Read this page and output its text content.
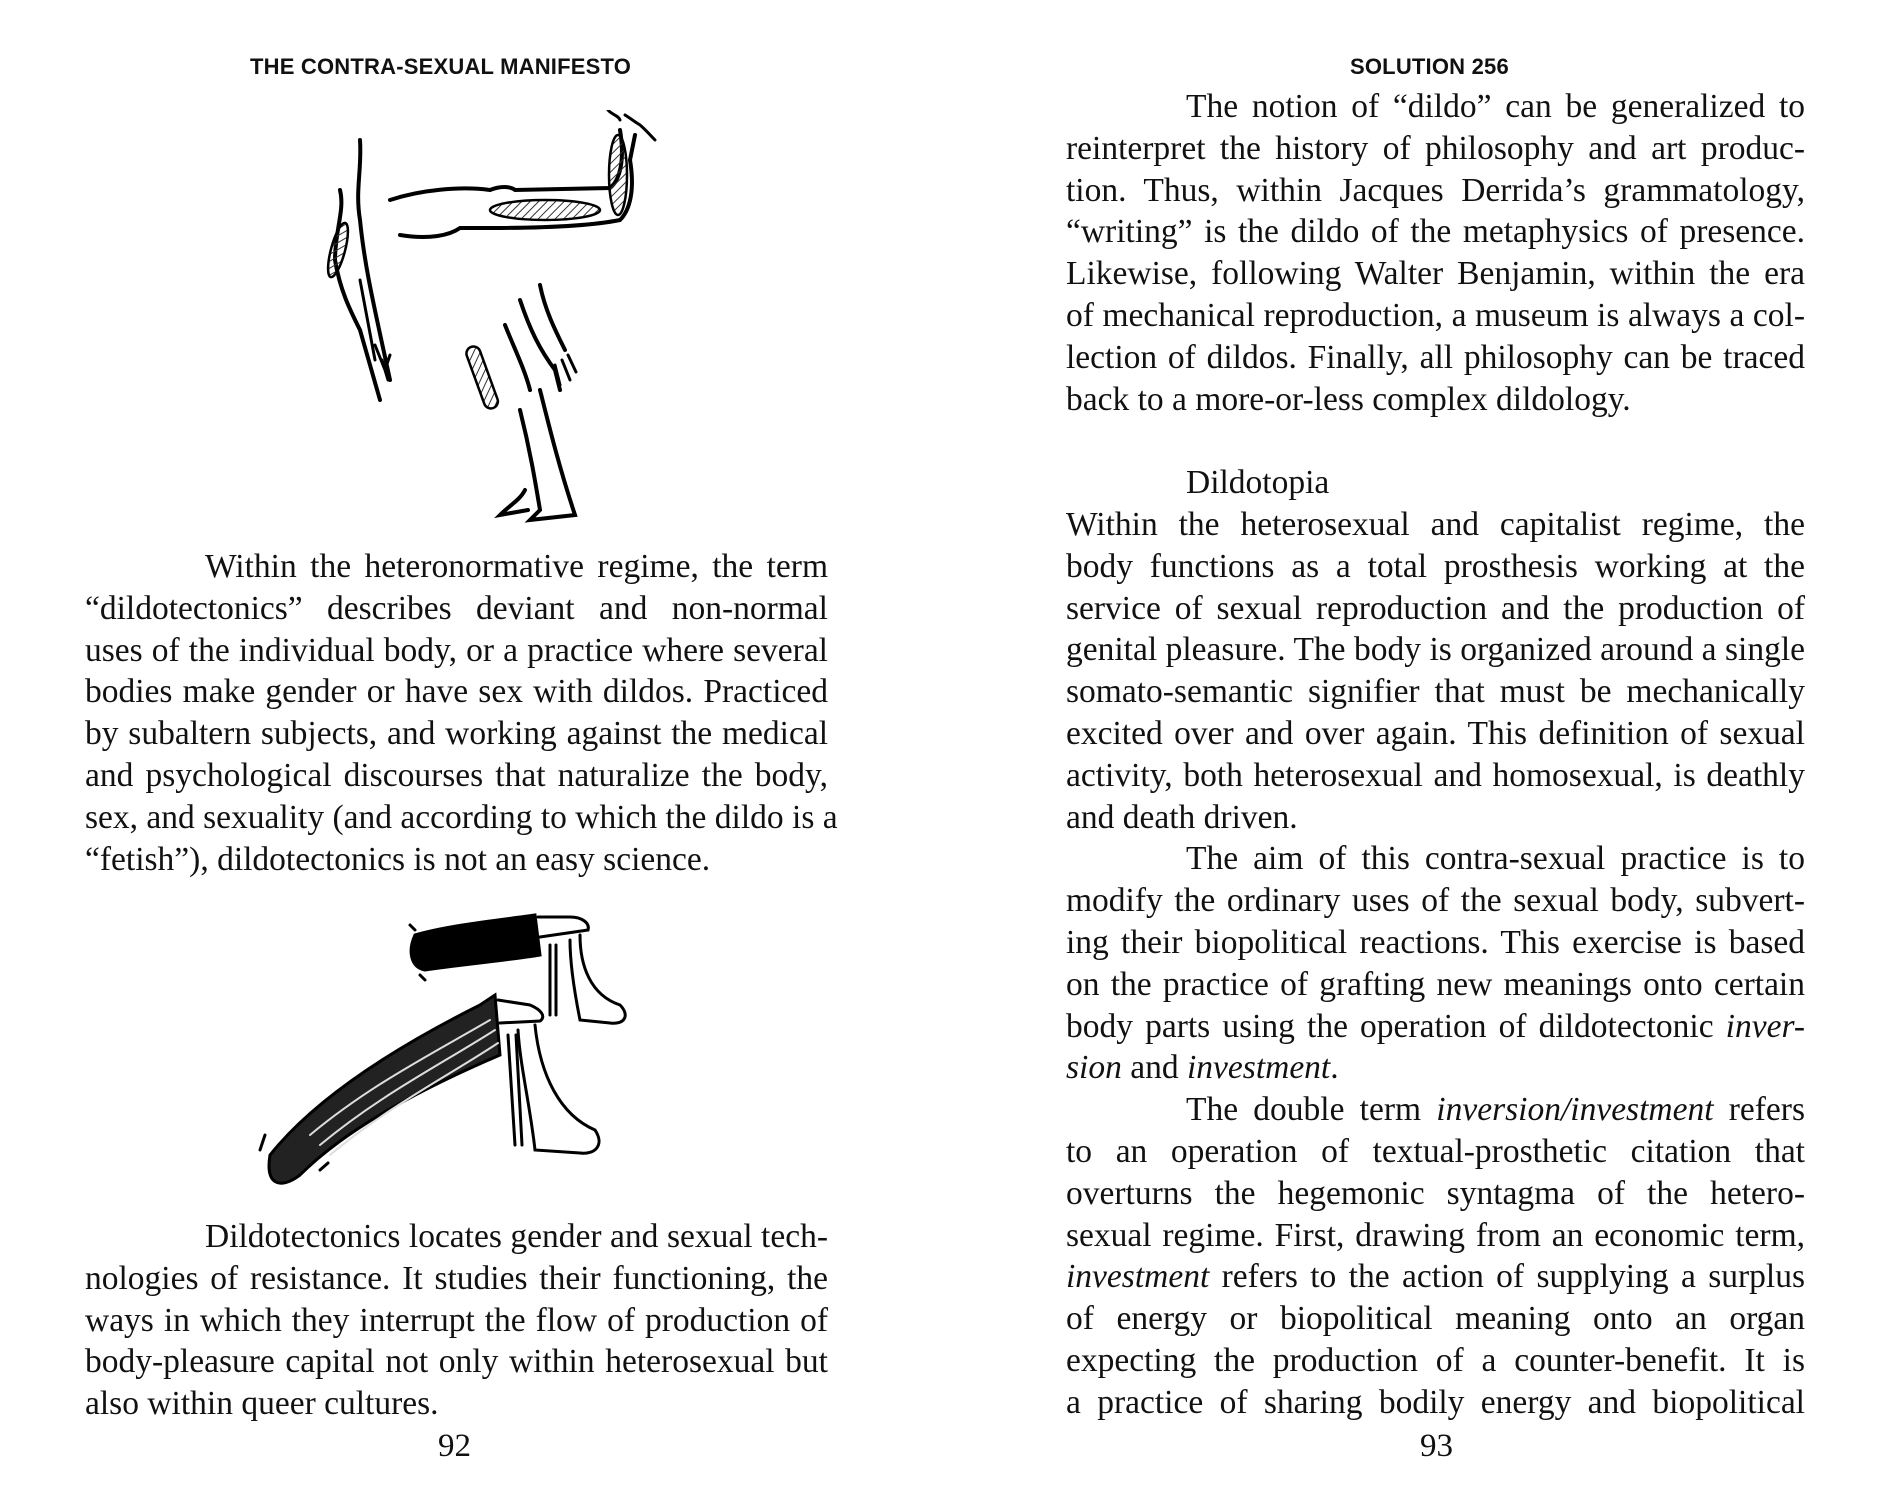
THE CONTRA-SEXUAL MANIFESTO
Within the heteronormative regime, the term
“dildotectonics” describes deviant and non-normal
uses of the individual body, or a practice where several
bodies make gender or have sex with dildos. Practiced
by subaltern subjects, and working against the medical
and psychological discourses that naturalize the body,
sex, and sexuality (and according to which the dildo is a
“fetish”), dildotectonics is not an easy science.
Dildotectonics locates gender and sexual tech-
nologies of resistance. It studies their functioning, the
ways in which they interrupt the flow of production of
body-pleasure capital not only within heterosexual but
also within queer cultures.
92
SOLUTION 256
The notion of “dildo” can be generalized to
reinterpret the history of philosophy and art produc-
tion. Thus, within Jacques Derrida’s grammatology,
“writing” is the dildo of the metaphysics of presence.
Likewise, following Walter Benjamin, within the era
of mechanical reproduction, a museum is always a col-
lection of dildos. Finally, all philosophy can be traced
back to a more-or-less complex dildology.
Dildotopia
Within the heterosexual and capitalist regime, the
body functions as a total prosthesis working at the
service of sexual reproduction and the production of
genital pleasure. The body is organized around a single
somato-semantic signifier that must be mechanically
excited over and over again. This definition of sexual
activity, both heterosexual and homosexual, is deathly
and death driven.
The aim of this contra-sexual practice is to
modify the ordinary uses of the sexual body, subvert-
ing their biopolitical reactions. This exercise is based
on the practice of grafting new meanings onto certain
body parts using the operation of dildotectonic inver-
sion and investment.
The double term inversion/investment refers
to an operation of textual-prosthetic citation that
overturns the hegemonic syntagma of the hetero-
sexual regime. First, drawing from an economic term,
investment refers to the action of supplying a surplus
of energy or biopolitical meaning onto an organ
expecting the production of a counter-benefit. It is
a practice of sharing bodily energy and biopolitical
93
